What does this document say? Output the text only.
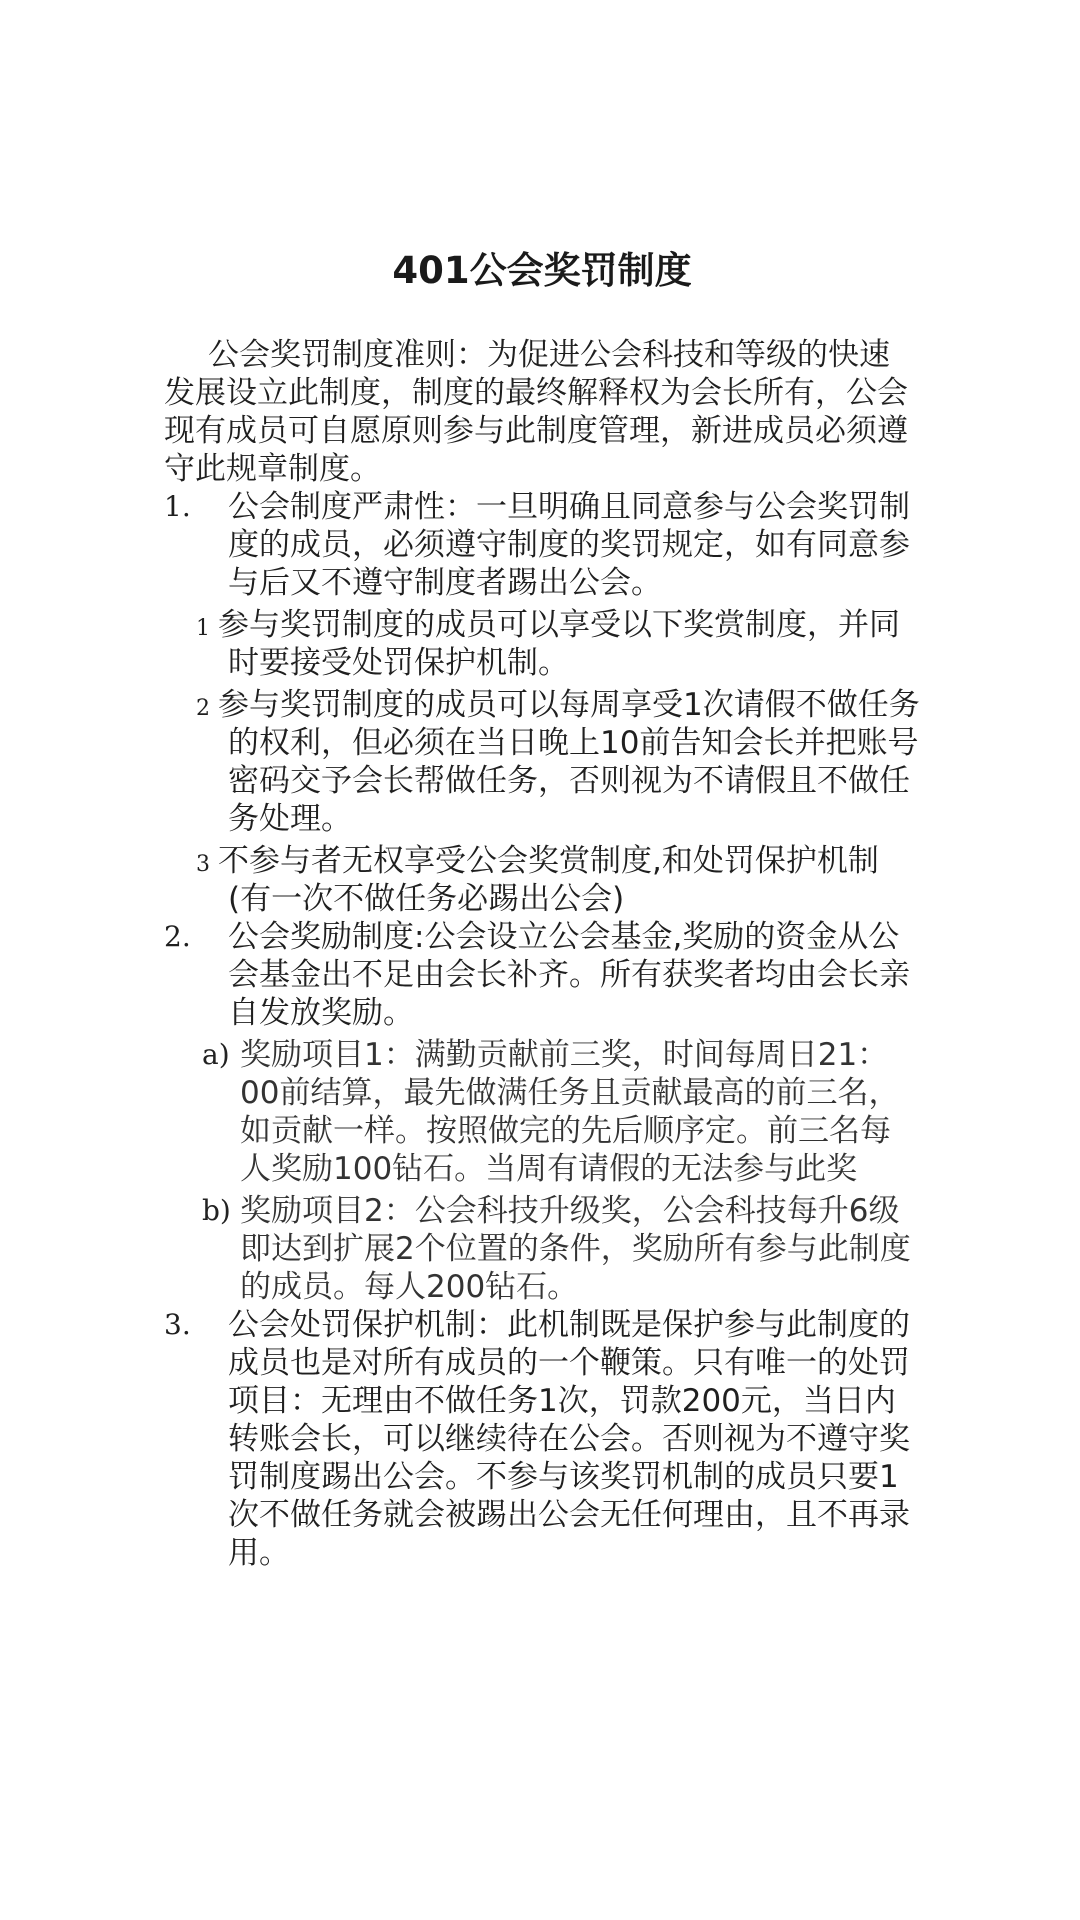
401公会奖罚制度

公会奖罚制度准则：为促进公会科技和等级的快速发展设立此制度，制度的最终解释权为会长所有，公会现有成员可自愿原则参与此制度管理，新进成员必须遵守此规章制度。

1. 公会制度严肃性：一旦明确且同意参与公会奖罚制度的成员，必须遵守制度的奖罚规定，如有同意参与后又不遵守制度者踢出公会。
1 参与奖罚制度的成员可以享受以下奖赏制度，并同时要接受处罚保护机制。
2 参与奖罚制度的成员可以每周享受1次请假不做任务的权利，但必须在当日晚上10前告知会长并把账号密码交予会长帮做任务，否则视为不请假且不做任务处理。
3 不参与者无权享受公会奖赏制度,和处罚保护机制(有一次不做任务必踢出公会)
2. 公会奖励制度:公会设立公会基金,奖励的资金从公会基金出不足由会长补齐。所有获奖者均由会长亲自发放奖励。
a) 奖励项目1：满勤贡献前三奖，时间每周日21：00前结算，最先做满任务且贡献最高的前三名，如贡献一样。按照做完的先后顺序定。前三名每人奖励100钻石。当周有请假的无法参与此奖
b) 奖励项目2：公会科技升级奖，公会科技每升6级即达到扩展2个位置的条件，奖励所有参与此制度的成员。每人200钻石。
3. 公会处罚保护机制：此机制既是保护参与此制度的成员也是对所有成员的一个鞭策。只有唯一的处罚项目：无理由不做任务1次，罚款200元，当日内转账会长，可以继续待在公会。否则视为不遵守奖罚制度踢出公会。不参与该奖罚机制的成员只要1次不做任务就会被踢出公会无任何理由，且不再录用。
